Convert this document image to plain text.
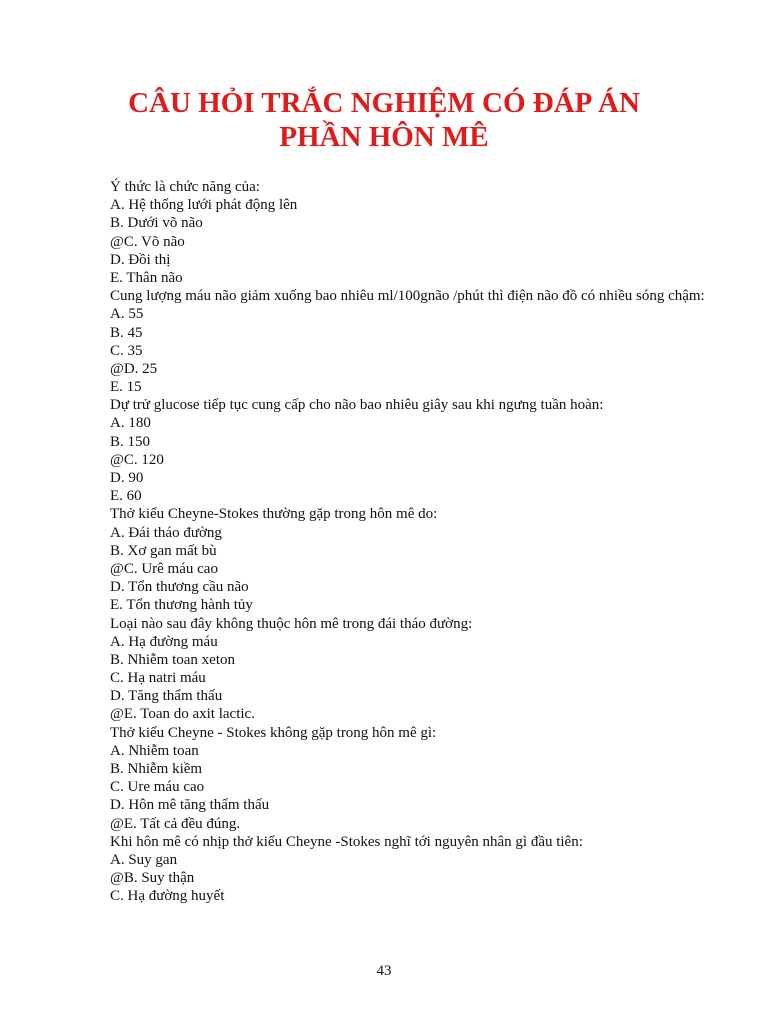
CÂU HỎI TRẮC NGHIỆM CÓ ĐÁP ÁN
PHẦN HÔN MÊ
Ý thức là chức năng của:
A. Hệ thống lưới phát động lên
B. Dưới võ não
@C. Võ não
D. Đồi thị
E. Thân não
Cung lượng máu não giảm xuống bao nhiêu ml/100gnão /phút thì điện não đồ có nhiều sóng chậm:
A. 55
B. 45
C. 35
@D. 25
E. 15
Dự trử glucose tiếp tục cung cấp cho não bao nhiêu giây sau khi ngưng tuần hoàn:
A. 180
B. 150
@C. 120
D. 90
E. 60
Thở kiểu Cheyne-Stokes thường gặp trong hôn mê do:
A. Đái tháo đường
B. Xơ gan mất bù
@C. Urê máu cao
D. Tổn thương cầu não
E. Tổn thương hành tủy
Loại nào sau đây không thuộc hôn mê trong đái tháo đường:
A. Hạ đường máu
B. Nhiễm toan xeton
C. Hạ natri máu
D. Tăng thẩm thấu
@E. Toan do axit lactic.
Thở kiểu Cheyne - Stokes không gặp trong hôn mê gì:
A. Nhiễm toan
B. Nhiễm kiềm
C. Ure máu cao
D. Hôn mê tăng thẩm thấu
@E. Tất cả đều đúng.
Khi hôn mê có nhịp thở kiểu Cheyne -Stokes nghĩ tới nguyên nhân gì đầu tiên:
A. Suy gan
@B. Suy thận
C. Hạ đường huyết
43
